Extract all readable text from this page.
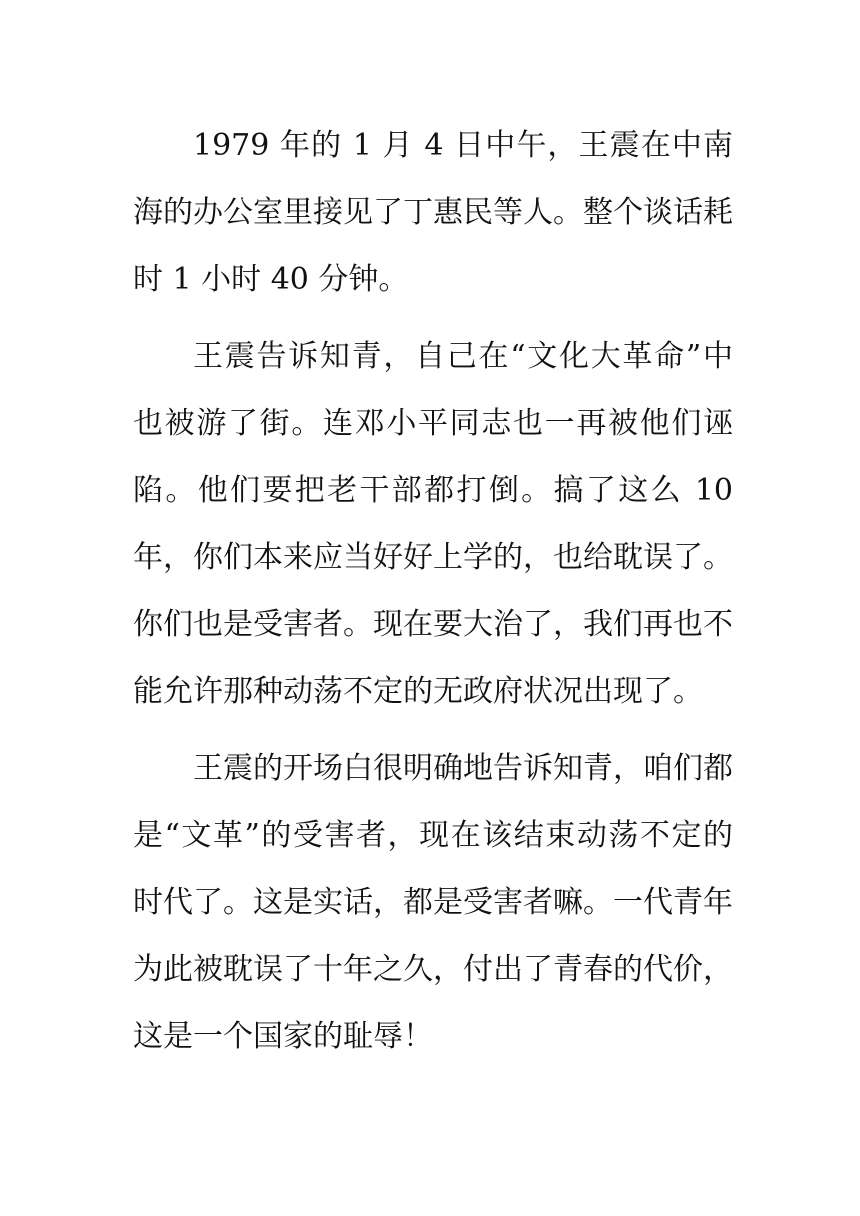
1979 年的 1 月 4 日中午，王震在中南海的办公室里接见了丁惠民等人。整个谈话耗时 1 小时 40 分钟。

王震告诉知青，自己在“文化大革命”中也被游了街。连邓小平同志也一再被他们诬陷。他们要把老干部都打倒。搞了这么 10 年，你们本来应当好好上学的，也给耽误了。你们也是受害者。现在要大治了，我们再也不能允许那种动荡不定的无政府状况出现了。

王震的开场白很明确地告诉知青，咱们都是“文革”的受害者，现在该结束动荡不定的时代了。这是实话，都是受害者嘛。一代青年为此被耽误了十年之久，付出了青春的代价，这是一个国家的耻辱！
